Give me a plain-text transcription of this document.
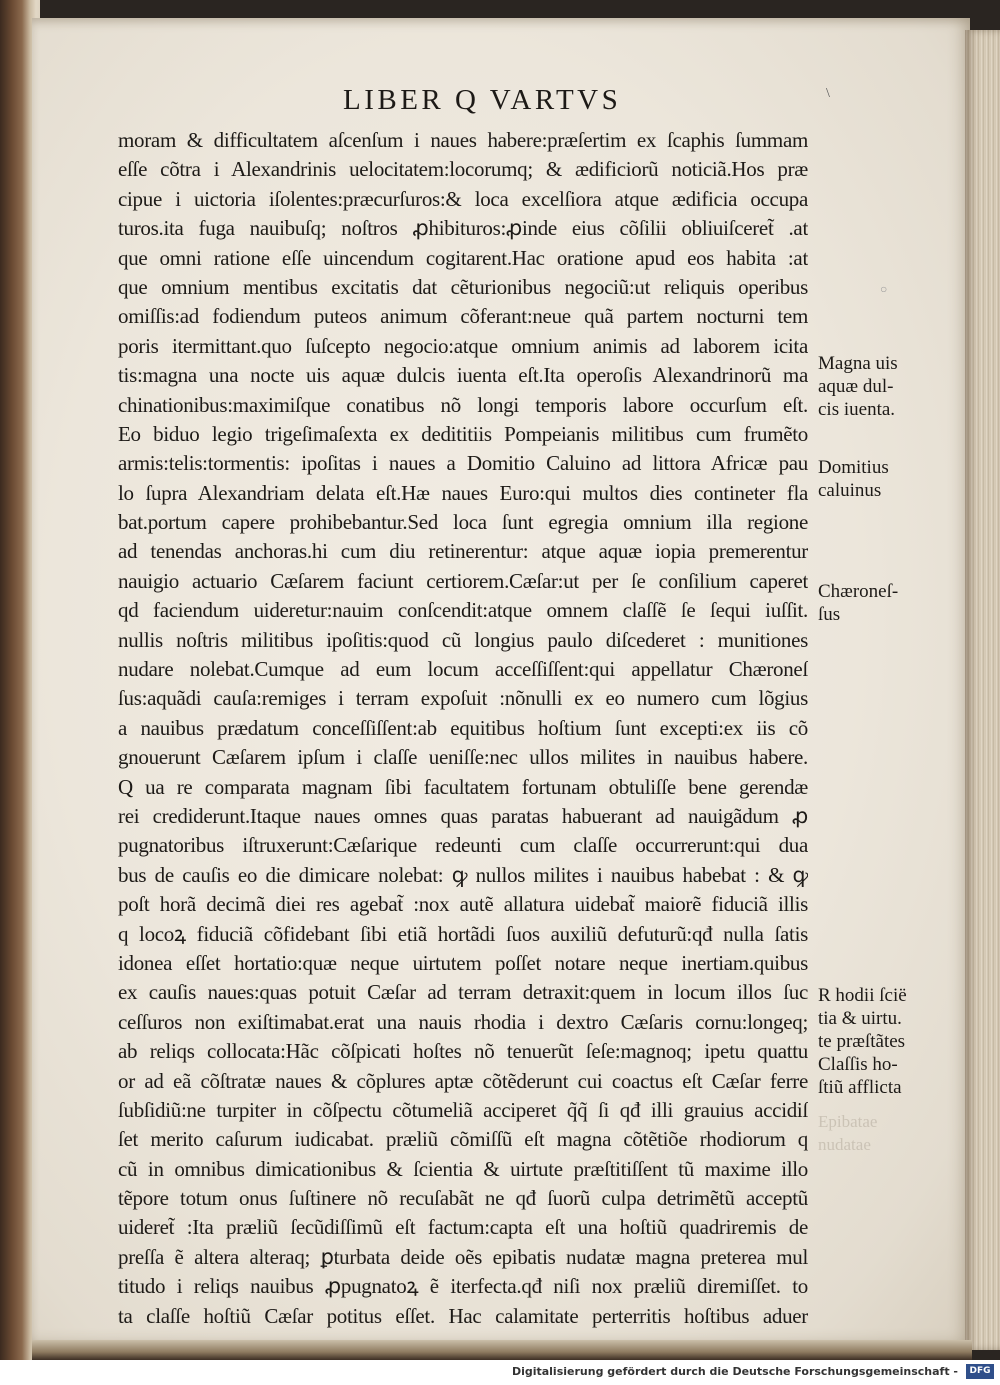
LIBER Q VARTVS
moram & difficultatem aſcenſum i naues habere:præſertim ex ſcaphis ſummam
eſſe cõtra i Alexandrinis uelocitatem:locorumq; & ædificiorũ noticiã.Hos præ
cipue i uictoria iſolentes:præcurſuros:& loca excelſiora atque ædificia occupa
turos.ita fuga nauibuſq; noſtros ꝓhibituros:ꝓinde eius cõſilii obliuiſceret̃ .at
que omni ratione eſſe uincendum cogitarent.Hac oratione apud eos habita :at
que omnium mentibus excitatis dat cẽturionibus negociũ:ut reliquis operibus
omiſſis:ad fodiendum puteos animum cõferant:neue quã partem nocturni tem
poris itermittant.quo ſuſcepto negocio:atque omnium animis ad laborem icita
tis:magna una nocte uis aquæ dulcis iuenta eſt.Ita operoſis Alexandrinorũ ma
chinationibus:maximiſque conatibus nõ longi temporis labore occurſum eſt.
Eo biduo legio trigeſimaſexta ex dedititiis Pompeianis militibus cum frumẽto
armis:telis:tormentis: ipoſitas i naues a Domitio Caluino ad littora Africæ pau
lo ſupra Alexandriam delata eſt.Hæ naues Euro:qui multos dies contineter fla
bat.portum capere prohibebantur.Sed loca ſunt egregia omnium illa regione
ad tenendas anchoras.hi cum diu retinerentur: atque aquæ iopia premerentur
nauigio actuario Cæſarem faciunt certiorem.Cæſar:ut per ſe conſilium caperet
qd faciendum uideretur:nauim conſcendit:atque omnem claſſẽ ſe ſequi iuſſit.
nullis noſtris militibus ipoſitis:quod cũ longius paulo diſcederet : munitiones
nudare nolebat.Cumque ad eum locum acceſſiſſent:qui appellatur Chæroneſ
ſus:aquãdi cauſa:remiges i terram expoſuit :nõnulli ex eo numero cum lõgius
a nauibus prædatum conceſſiſſent:ab equitibus hoſtium ſunt excepti:ex iis cõ
gnouerunt Cæſarem ipſum i claſſe ueniſſe:nec ullos milites in nauibus habere.
Q ua re comparata magnam ſibi facultatem fortunam obtuliſſe bene gerendæ
rei crediderunt.Itaque naues omnes quas paratas habuerant ad nauigãdum ꝓ
pugnatoribus iſtruxerunt:Cæſarique redeunti cum claſſe occurrerunt:qui dua
bus de cauſis eo die dimicare nolebat: ꝙ nullos milites i nauibus habebat : & ꝙ
poſt horã decimã diei res agebat̃ :nox autẽ allatura uidebat̃ maiorẽ fiduciã illis
q locoꝝ fiduciã cõfidebant ſibi etiã hortãdi ſuos auxiliũ defuturũ:qđ nulla ſatis
idonea eſſet hortatio:quæ neque uirtutem poſſet notare neque inertiam.quibus
ex cauſis naues:quas potuit Cæſar ad terram detraxit:quem in locum illos ſuc
ceſſuros non exiſtimabat.erat una nauis rhodia i dextro Cæſaris cornu:longeq;
ab reliqs collocata:Hãc cõſpicati hoſtes nõ tenuerũt ſeſe:magnoq; ipetu quattu
or ad eã cõſtratæ naues & cõplures aptæ cõtẽderunt cui coactus eſt Cæſar ferre
ſubſidiũ:ne turpiter in cõſpectu cõtumeliã acciperet q̃q̃ ſi qđ illi grauius accidiſ
ſet merito caſurum iudicabat. præliũ cõmiſſũ eſt magna cõtẽtiõe rhodiorum q
cũ in omnibus dimicationibus & ſcientia & uirtute præſtitiſſent tũ maxime illo
tẽpore totum onus ſuſtinere nõ recuſabãt ne qđ ſuorũ culpa detrimẽtũ acceptũ
uideret̃ :Ita præliũ ſecũdiſſimũ eſt factum:capta eſt una hoſtiũ quadriremis de
preſſa ẽ altera alteraq; ꝑturbata deide oẽs epibatis nudatæ magna preterea mul
titudo i reliqs nauibus ꝓpugnatoꝝ ẽ iterfecta.qđ niſi nox præliũ diremiſſet. to
ta claſſe hoſtiũ Cæſar potitus eſſet. Hac calamitate perterritis hoſtibus aduer
Magna uis
aquæ dul-
cis iuenta.
Domitius
caluinus
Chæroneſ-
ſus
R hodii ſcië
tia & uirtu.
te præſtãtes
Claſſis ho-
ſtiũ afflicta
Epibatae
nudatae
\
○
Digitalisierung gefördert durch die Deutsche Forschungsgemeinschaft -	DFG
